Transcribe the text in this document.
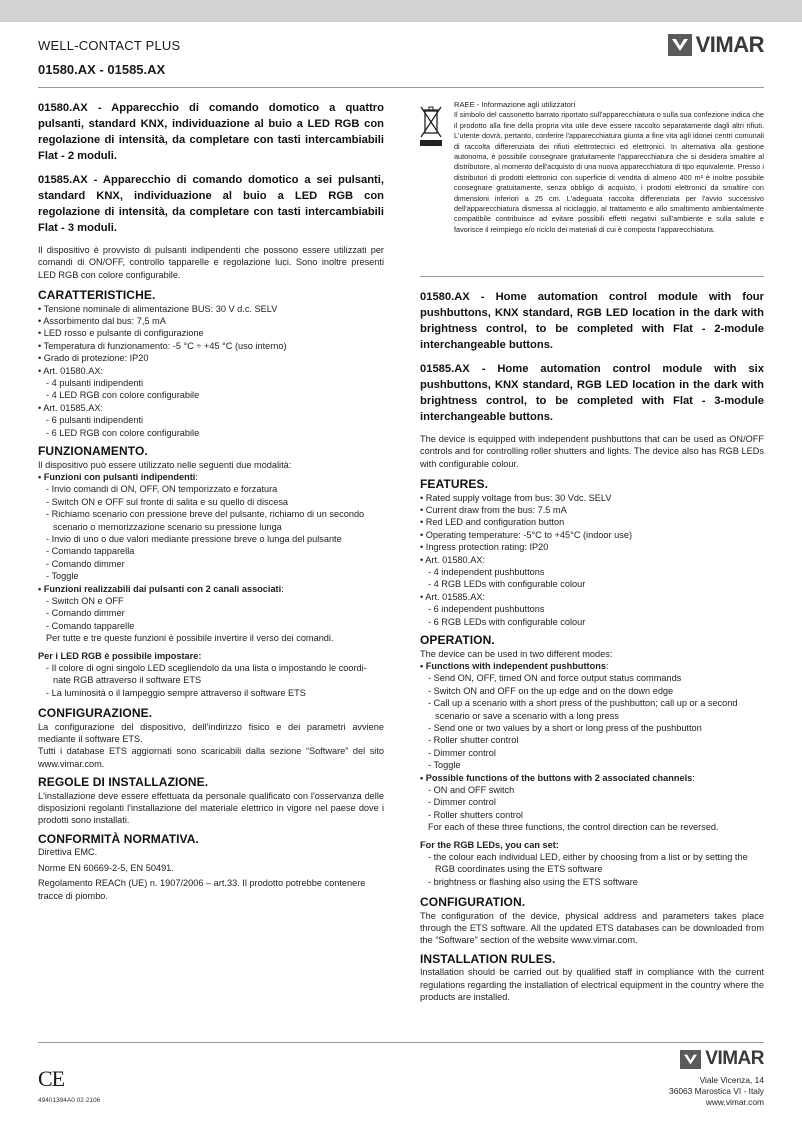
WELL-CONTACT PLUS
01580.AX - 01585.AX
VIMAR

01580.AX - Apparecchio di comando domotico a quattro pulsanti, standard KNX, individuazione al buio a LED RGB con regolazione di intensità, da completare con tasti intercambiabili Flat - 2 moduli.

01585.AX - Apparecchio di comando domotico a sei pulsanti, standard KNX, individuazione al buio a LED RGB con regolazione di intensità, da completare con tasti intercambiabili Flat - 3 moduli.

Il dispositivo è provvisto di pulsanti indipendenti che possono essere utilizzati per comandi di ON/OFF, controllo tapparelle e regolazione luci. Sono inoltre presenti LED RGB con colore configurabile.

CARATTERISTICHE.
• Tensione nominale di alimentazione BUS: 30 V d.c. SELV
• Assorbimento dal bus: 7,5 mA
• LED rosso e pulsante di configurazione
• Temperatura di funzionamento: -5 °C ÷ +45 °C (uso interno)
• Grado di protezione: IP20
• Art. 01580.AX:
- 4 pulsanti indipendenti
- 4 LED RGB con colore configurabile
• Art. 01585.AX:
- 6 pulsanti indipendenti
- 6 LED RGB con colore configurabile
FUNZIONAMENTO.
Il dispositivo può essere utilizzato nelle seguenti due modalità:
• Funzioni con pulsanti indipendenti:
- Invio comandi di ON, OFF, ON temporizzato e forzatura
- Switch ON e OFF sul fronte di salita e su quello di discesa
- Richiamo scenario con pressione breve del pulsante, richiamo di un secondo
scenario o memorizzazione scenario su pressione lunga
- Invio di uno o due valori mediante pressione breve o lunga del pulsante
- Comando tapparella
- Comando dimmer
- Toggle
• Funzioni realizzabili dai pulsanti con 2 canali associati:
- Switch ON e OFF
- Comando dimmer
- Comando tapparelle
Per tutte e tre queste funzioni è possibile invertire il verso dei comandi.
Per i LED RGB è possibile impostare:
- Il colore di ogni singolo LED scegliendolo da una lista o impostando le coordi-
nate RGB attraverso il software ETS
- La luminosità o il lampeggio sempre attraverso il software ETS
CONFIGURAZIONE.

La configurazione del dispositivo, dell'indirizzo fisico e dei parametri avviene mediante il software ETS.

Tutti i database ETS aggiornati sono scaricabili dalla sezione “Software” del sito www.vimar.com.

REGOLE DI INSTALLAZIONE.

L'installazione deve essere effettuata da personale qualificato con l'osservanza delle disposizioni regolanti l'installazione del materiale elettrico in vigore nel paese dove i prodotti sono installati.

CONFORMITÀ NORMATIVA.
Direttiva EMC.
Norme EN 60669-2-5, EN 50491.

Regolamento REACh (UE) n. 1907/2006 – art.33. Il prodotto potrebbe contenere tracce di piombo.

RAEE - Informazione agli utilizzatori
Il simbolo del cassonetto barrato riportato sull'apparecchiatura o sulla sua confezione indica che il prodotto alla fine della propria vita utile deve essere raccolto separatamente dagli altri rifiuti. L'utente dovrà, pertanto, conferire l'apparecchiatura giunta a fine vita agli idonei centri comunali di raccolta differenziata dei rifiuti elettrotecnici ed elettronici. In alternativa alla gestione autonoma, è possibile consegnare gratuitamente l'apparecchiatura che si desidera smaltire al distributore, al momento dell'acquisto di una nuova apparecchiatura di tipo equivalente. Presso i distributori di prodotti elettronici con superficie di vendita di almeno 400 m² è inoltre possibile consegnare gratuitamente, senza obbligo di acquisto, i prodotti elettronici da smaltire con dimensioni inferiori a 25 cm. L'adeguata raccolta differenziata per l'avvio successivo dell'apparecchiatura dismessa al riciclaggio, al trattamento e allo smaltimento ambientalmente compatibile contribuisce ad evitare possibili effetti negativi sull'ambiente e sulla salute e favorisce il reimpiego e/o riciclo dei materiali di cui è composta l'apparecchiatura.

01580.AX - Home automation control module with four pushbuttons, KNX standard, RGB LED location in the dark with brightness control, to be completed with Flat - 2-module interchangeable buttons.

01585.AX - Home automation control module with six pushbuttons, KNX standard, RGB LED location in the dark with brightness control, to be completed with Flat - 3-module interchangeable buttons.

The device is equipped with independent pushbuttons that can be used as ON/OFF controls and for controlling roller shutters and lights. The device also has RGB LEDs with configurable colour.

FEATURES.
• Rated supply voltage from bus: 30 Vdc. SELV
• Current draw from the bus: 7.5 mA
• Red LED and configuration button
• Operating temperature: -5°C to +45°C (indoor use)
• Ingress protection rating: IP20
• Art. 01580.AX:
- 4 independent pushbuttons
- 4 RGB LEDs with configurable colour
• Art. 01585.AX:
- 6 independent pushbuttons
- 6 RGB LEDs with configurable colour
OPERATION.
The device can be used in two different modes:
• Functions with independent pushbuttons:
- Send ON, OFF, timed ON and force output status commands
- Switch ON and OFF on the up edge and on the down edge
- Call up a scenario with a short press of the pushbutton; call up or a second
scenario or save a scenario with a long press
- Send one or two values by a short or long press of the pushbutton
- Roller shutter control
- Dimmer control
- Toggle
• Possible functions of the buttons with 2 associated channels:
- ON and OFF switch
- Dimmer control
- Roller shutters control
For each of these three functions, the control direction can be reversed.
For the RGB LEDs, you can set:
- the colour each individual LED, either by choosing from a list or by setting the
RGB coordinates using the ETS software
- brightness or flashing also using the ETS software
CONFIGURATION.

The configuration of the device, physical address and parameters takes place through the ETS software. All the updated ETS databases can be downloaded from the “Software” section of the website www.vimar.com.

INSTALLATION RULES.

Installation should be carried out by qualified staff in compliance with the current regulations regarding the installation of electrical equipment in the country where the products are installed.

CE
49401394A0 02 2106
VIMAR
Viale Vicenza, 14
36063 Marostica VI - Italy
www.vimar.com
